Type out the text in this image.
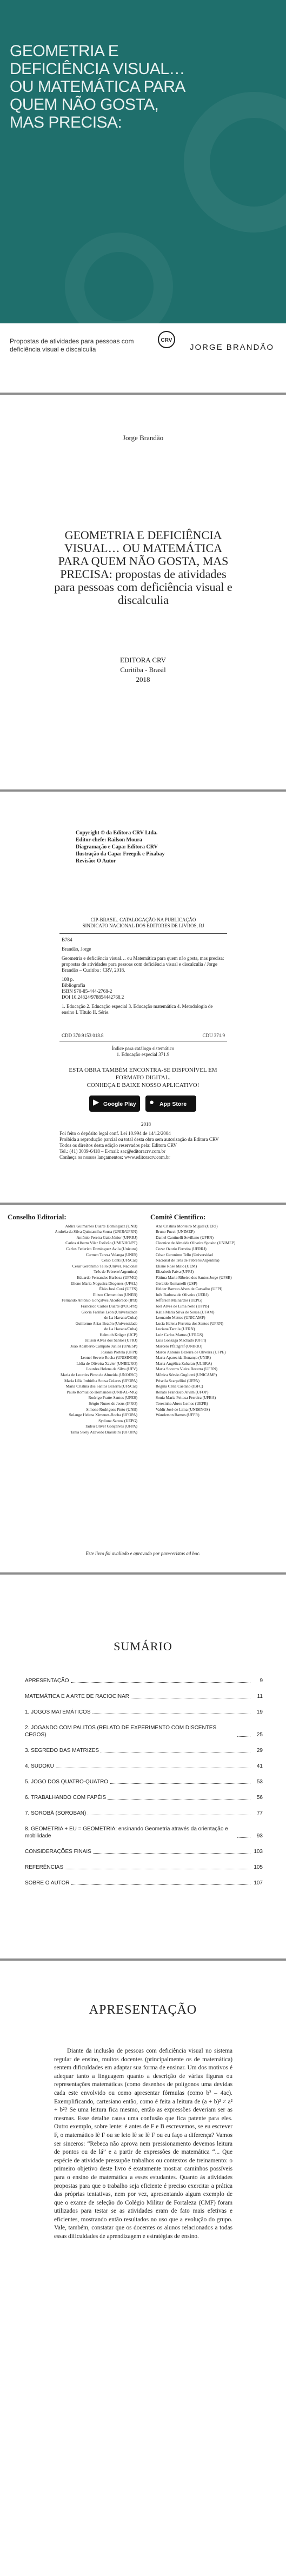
GEOMETRIA E DEFICIÊNCIA VISUAL… OU MATEMÁTICA PARA QUEM NÃO GOSTA, MAS PRECISA:
Propostas de atividades para pessoas com deficiência visual e discalculia
CRV
JORGE BRANDÃO
Jorge Brandão
GEOMETRIA E DEFICIÊNCIA VISUAL… OU MATEMÁTICA PARA QUEM NÃO GOSTA, MAS PRECISA: propostas de atividades para pessoas com deficiência visual e discalculia
EDITORA CRV
Curitiba - Brasil
2018
Copyright © da Editora CRV Ltda.
Editor-chefe: Railson Moura
Diagramação e Capa: Editora CRV
Ilustração da Capa: Freepik e Pixabay
Revisão: O Autor
CIP-BRASIL. CATALOGAÇÃO NA PUBLICAÇÃO
SINDICATO NACIONAL DOS EDITORES DE LIVROS, RJ
B784
Brandão, Jorge
Geometria e deficiência visual… ou Matemática para quem não gosta, mas precisa: propostas de atividades para pessoas com deficiência visual e discalculia / Jorge Brandão – Curitiba : CRV, 2018.
108 p.
Bibliografia
ISBN 978-85-444-2768-2
DOI 10.24824/978854442768.2
1. Educação 2. Educação especial 3. Educação matemática 4. Metodologia de ensino I. Título II. Série.
CDD 370.9153 018.8	CDU 371.9
Índice para catálogo sistemático
1. Educação especial 371.9
ESTA OBRA TAMBÉM ENCONTRA-SE DISPONÍVEL EM
FORMATO DIGITAL.
CONHEÇA E BAIXE NOSSO APLICATIVO!
▶ Google Play ● App Store
2018
Foi feito o depósito legal conf. Lei 10.994 de 14/12/2004
Proibida a reprodução parcial ou total desta obra sem autorização da Editora CRV
Todos os direitos desta edição reservados pela: Editora CRV
Tel.: (41) 3039-6418 – E-mail: sac@editoracrv.com.br
Conheça os nossos lançamentos: www.editoracrv.com.br
Conselho Editorial:
Aldira Guimarães Duarte Domínguez (UNB)
Andréia da Silva Quintanilha Sousa (UNIR/UFRN)
Antônio Pereira Gaio Júnior (UFRRJ)
Carlos Alberto Vilar Estêvão (UMINHO/PT)
Carlos Federico Dominguez Avila (Unieuro)
Carmen Tereza Velanga (UNIR)
Celso Conti (UFSCar)
Cesar Gerónimo Tello (Univer. Nacional
Três de Febrero/Argentina)
Eduardo Fernandes Barbosa (UFMG)
Elione Maria Nogueira Diogenes (UFAL)
Élsio José Corá (UFFS)
Elizeu Clementino (UNEB)
Fernando Antônio Gonçalves Alcoforado (IPB)
Francisco Carlos Duarte (PUC-PR)
Gloria Fariñas León (Universidade
de La Havana/Cuba)
Guillermo Arias Beatón (Universidade
de La Havana/Cuba)
Helmuth Krüger (UCP)
Jailson Alves dos Santos (UFRJ)
João Adalberto Campato Junior (UNESP)
Josania Portela (UFPI)
Leonel Severo Rocha (UNISINOS)
Lídia de Oliveira Xavier (UNIEURO)
Lourdes Helena da Silva (UFV)
Maria de Lourdes Pinto de Almeida (UNOESC)
Maria Lília Imbiriba Sousa Colares (UFOPA)
Maria Cristina dos Santos Bezerra (UFSCar)
Paulo Romualdo Hernandes (UNIFAL-MG)
Rodrigo Pratte-Santos (UFES)
Sérgio Nunes de Jesus (IFRO)
Simone Rodrigues Pinto (UNB)
Solange Helena Ximenes-Rocha (UFOPA)
Sydione Santos (UEPG)
Tadeu Oliver Gonçalves (UFPA)
Tania Suely Azevedo Brasileiro (UFOPA)
Comitê Científico:
Ana Cristina Monteiro Miguel (UERJ)
Bruno Pucci (UNIMEP)
Daniel Cantinelli Sevillano (UFRN)
Cleonice de Almeida Oliveira Sposito (UNIMEP)
Cezar Ozorio Ferreira (UFRRJ)
César Geronimo Tello (Universidad
Nacional de Três de Febrero/Argentina)
Eliane Rose Maio (UEM)
Elizabeth Paiva (UFRJ)
Fátima Maria Ribeiro dos Santos Jorge (UFSB)
Geraldo Romanelli (USP)
Helder Barreto Alves de Carvalho (UFPI)
Inês Barbosa de Oliveira (UERJ)
Jefferson Mainardes (UEPG)
Joel Alves de Lima Neto (UFPB)
Kátia Maria Silva de Sousa (UFAM)
Leonardo Mattos (UNICAMP)
Lucia Helena Ferreira dos Santos (UFRN)
Luciana Tarcila (UFRN)
Luiz Carlos Mattos (UFRGS)
Luis Gonzaga Machado (UFPI)
Marcelo Pfalzgraf (UNIRIO)
Marco Antonio Bezerra de Oliveira (UFPE)
Maria Aparecida Bonança (UNIR)
Maria Angélica Zubaran (ULBRA)
Maria Socorro Vieira Bezerra (UFRN)
Mônica Sérvio Gugliotti (UNICAMP)
Priscila Scarpellini (UFPA)
Regina Célia Caetano (IBFC)
Renato Francisco Alvim (UFOP)
Sonia Maria Feitosa Ferreira (UFBA)
Terezinha Abreu Lemos (UEPB)
Valdir José de Lima (UNISINOS)
Wanderson Ramos (UFPR)
Este livro foi avaliado e aprovado por pareceristas ad hoc.
SUMÁRIO
APRESENTAÇÃO	9
MATEMÁTICA E A ARTE DE RACIOCINAR	11
1. JOGOS MATEMÁTICOS	19
2. JOGANDO COM PALITOS (RELATO DE EXPERIMENTO COM DISCENTES CEGOS)	25
3. SEGREDO DAS MATRIZES	29
4. SUDOKU	41
5. JOGO DOS QUATRO-QUATRO	53
6. TRABALHANDO COM PAPÉIS	56
7. SOROBÃ (SOROBAN)	77
8. GEOMETRIA + EU = GEOMETRIA: ensinando Geometria através da orientação e mobilidade	93
CONSIDERAÇÕES FINAIS	103
REFERÊNCIAS	105
SOBRE O AUTOR	107
APRESENTAÇÃO

Diante da inclusão de pessoas com deficiência visual no sistema regular de ensino, muitos docentes (principalmente os de matemática) sentem dificuldades em adaptar sua forma de ensinar. Um dos motivos é adequar tanto a linguagem quanto a descrição de várias figuras ou representações matemáticas (como desenhos de polígonos uma devidas cada este envolvido ou como apresentar fórmulas (como b² – 4ac). Exemplificando, cartesiano então, como é feita a leitura de (a + b)² ≠ a² + b²? Se uma leitura fica mesmo, então as expressões deveriam ser as mesmas. Esse detalhe causa uma confusão que fica patente para eles. Outro exemplo, sobre lente: é antes de F e B escrevemos, se eu escrever F, o matemático lê F ou se leio lê se lê F ou eu faço a diferença? Vamos ser sinceros: “Rebeca não aprova nem pressionamento devemos leitura de pontos ou de lá” e a partir de expressões de matemática “... Que espécie de atividade pressupõe trabalhos ou contextos de treinamento: o primeiro objetivo deste livro é exatamente mostrar caminhos possíveis para o ensino de matemática a esses estudantes. Quanto às atividades propostas para que o trabalho seja eficiente é preciso exercitar a prática das próprias tentativas, nem por vez, apresentando algum exemplo de que o exame de seleção do Colégio Militar de Fortaleza (CMF) foram utilizados para testar se as atividades eram de fato mais efetivas e eficientes, mostrando então resultados no uso que a evolução do grupo. Vale, também, constatar que os docentes os alunos relacionados a todas essas dificuldades de aprendizagem e estratégias de ensino.
